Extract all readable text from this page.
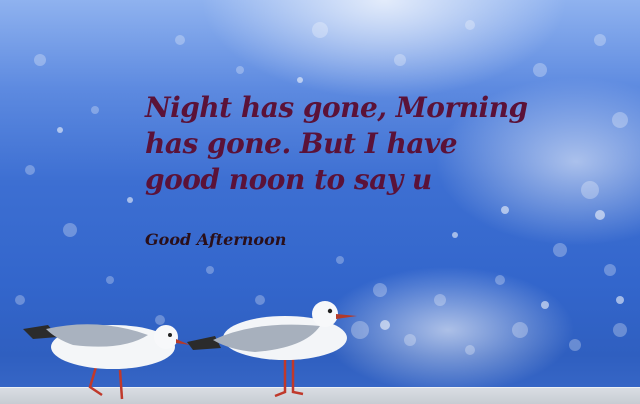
Night has gone, Morning
has gone. But I have
good noon to say u

Good Afternoon
